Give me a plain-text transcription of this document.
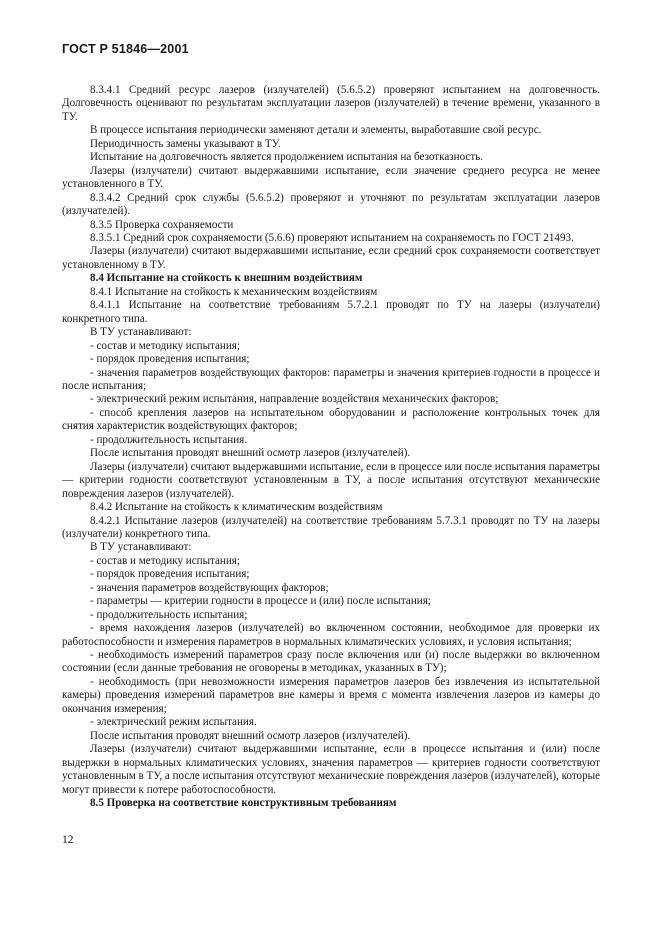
ГОСТ Р 51846—2001

8.3.4.1 Средний ресурс лазеров (излучателей) (5.6.5.2) проверяют испытанием на долговечность. Долговечность оценивают по результатам эксплуатации лазеров (излучателей) в течение времени, указанного в ТУ.

В процессе испытания периодически заменяют детали и элементы, выработавшие свой ресурс.

Периодичность замены указывают в ТУ.

Испытание на долговечность является продолжением испытания на безотказность.

Лазеры (излучатели) считают выдержавшими испытание, если значение среднего ресурса не менее установленного в ТУ.

8.3.4.2 Средний срок службы (5.6.5.2) проверяют и уточняют по результатам эксплуатации лазеров (излучателей).

8.3.5 Проверка сохраняемости

8.3.5.1 Средний срок сохраняемости (5.6.6) проверяют испытанием на сохраняемость по ГОСТ 21493.

Лазеры (излучатели) считают выдержавшими испытание, если средний срок сохраняемости соответствует установленному в ТУ.

8.4 Испытание на стойкость к внешним воздействиям

8.4.1 Испытание на стойкость к механическим воздействиям

8.4.1.1 Испытание на соответствие требованиям 5.7.2.1 проводят по ТУ на лазеры (излучатели) конкретного типа.

В ТУ устанавливают:

- состав и методику испытания;

- порядок проведения испытания;

- значения параметров воздействующих факторов: параметры и значения критериев годности в процессе и после испытания;

- электрический режим испытания, направление воздействия механических факторов;

- способ крепления лазеров на испытательном оборудовании и расположение контрольных точек для снятия характеристик воздействующих факторов;

- продолжительность испытания.

После испытания проводят внешний осмотр лазеров (излучателей).

Лазеры (излучатели) считают выдержавшими испытание, если в процессе или после испытания параметры — критерии годности соответствуют установленным в ТУ, а после испытания отсутствуют механические повреждения лазеров (излучателей).

8.4.2 Испытание на стойкость к климатическим воздействиям

8.4.2.1 Испытание лазеров (излучателей) на соответствие требованиям 5.7.3.1 проводят по ТУ на лазеры (излучатели) конкретного типа.

В ТУ устанавливают:

- состав и методику испытания;

- порядок проведения испытания;

- значения параметров воздействующих факторов;

- параметры — критерии годности в процессе и (или) после испытания;

- продолжительность испытания;

- время нахождения лазеров (излучателей) во включенном состоянии, необходимое для проверки их работоспособности и измерения параметров в нормальных климатических условиях, и условия испытания;

- необходимость измерений параметров сразу после включения или (и) после выдержки во включенном состоянии (если данные требования не оговорены в методиках, указанных в ТУ);

- необходимость (при невозможности измерения параметров лазеров без извлечения из испытательной камеры) проведения измерений параметров вне камеры и время с момента извлечения лазеров из камеры до окончания измерения;

- электрический режим испытания.

После испытания проводят внешний осмотр лазеров (излучателей).

Лазеры (излучатели) считают выдержавшими испытание, если в процессе испытания и (или) после выдержки в нормальных климатических условиях, значения параметров — критериев годности соответствуют установленным в ТУ, а после испытания отсутствуют механические повреждения лазеров (излучателей), которые могут привести к потере работоспособности.

8.5 Проверка на соответствие конструктивным требованиям

12
